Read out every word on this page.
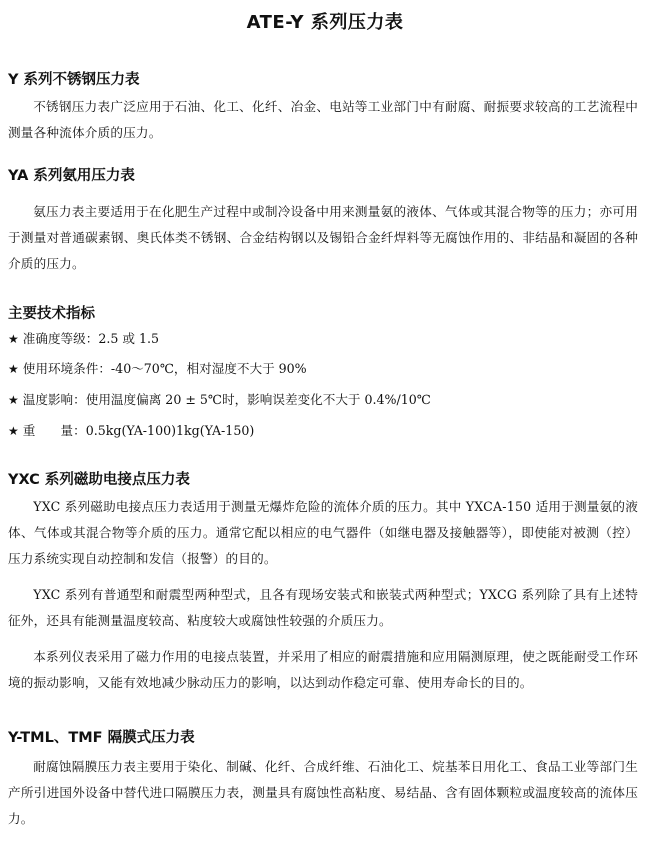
ATE-Y 系列压力表
Y 系列不锈钢压力表
不锈钢压力表广泛应用于石油、化工、化纤、冶金、电站等工业部门中有耐腐、耐振要求较高的工艺流程中测量各种流体介质的压力。
YA 系列氨用压力表
氨压力表主要适用于在化肥生产过程中或制冷设备中用来测量氨的液体、气体或其混合物等的压力；亦可用于测量对普通碳素钢、奥氏体类不锈钢、合金结构钢以及锡铅合金纤焊料等无腐蚀作用的、非结晶和凝固的各种介质的压力。
主要技术指标
★ 准确度等级：2.5 或 1.5
★ 使用环境条件：-40～70℃，相对湿度不大于 90%
★ 温度影响：使用温度偏离 20 ± 5℃时，影响误差变化不大于 0.4%/10℃
★ 重　　量：0.5kg(YA-100)1kg(YA-150)
YXC 系列磁助电接点压力表
YXC 系列磁助电接点压力表适用于测量无爆炸危险的流体介质的压力。其中 YXCA-150 适用于测量氨的液体、气体或其混合物等介质的压力。通常它配以相应的电气器件（如继电器及接触器等），即使能对被测（控）压力系统实现自动控制和发信（报警）的目的。
YXC 系列有普通型和耐震型两种型式，且各有现场安装式和嵌装式两种型式；YXCG 系列除了具有上述特征外，还具有能测量温度较高、粘度较大或腐蚀性较强的介质压力。
本系列仪表采用了磁力作用的电接点装置，并采用了相应的耐震措施和应用隔测原理，使之既能耐受工作环境的振动影响，又能有效地减少脉动压力的影响，以达到动作稳定可靠、使用寿命长的目的。
Y-TML、TMF 隔膜式压力表
耐腐蚀隔膜压力表主要用于染化、制碱、化纤、合成纤维、石油化工、烷基苯日用化工、食品工业等部门生产所引进国外设备中替代进口隔膜压力表，测量具有腐蚀性高粘度、易结晶、含有固体颗粒或温度较高的流体压力。
